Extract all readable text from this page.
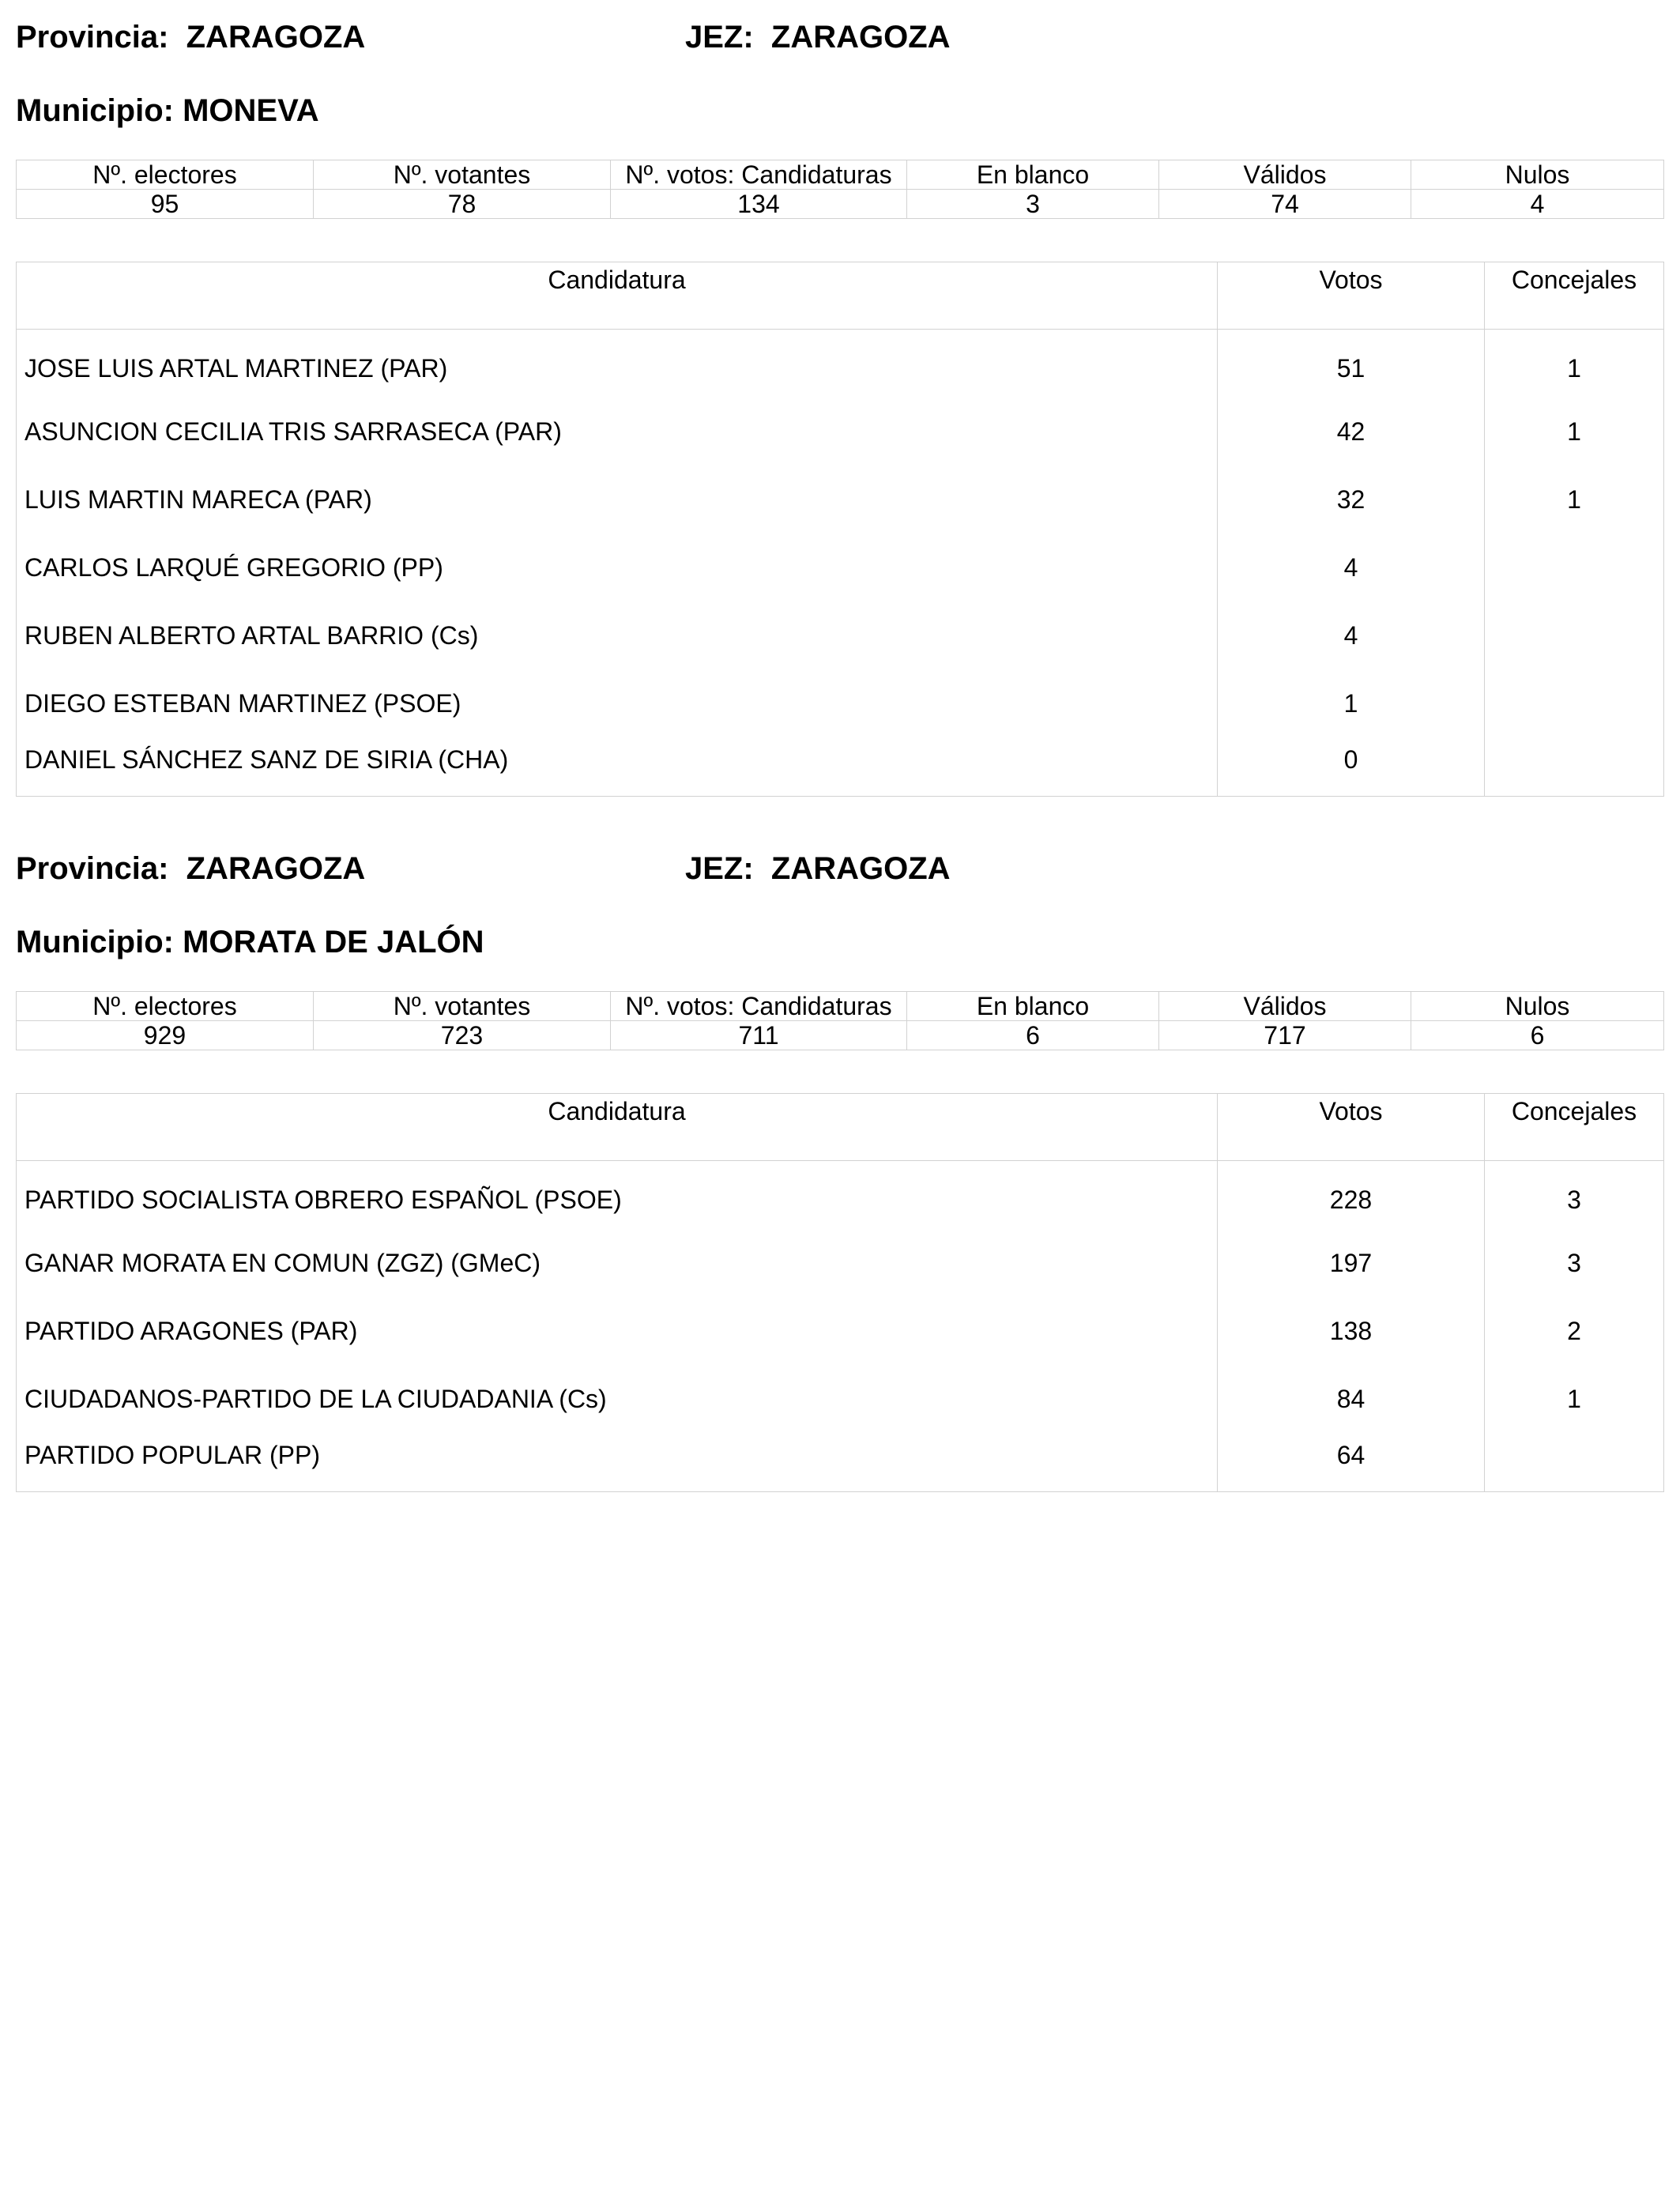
Provincia:  ZARAGOZA	JEZ:  ZARAGOZA
Municipio: MONEVA
Nº. electores	Nº. votantes	Nº. votos: Candidaturas	En blanco	Válidos	Nulos
95	78	134	3	74	4
Candidatura	Votos	Concejales
JOSE LUIS ARTAL MARTINEZ (PAR)	51	1
ASUNCION CECILIA TRIS SARRASECA (PAR)	42	1
LUIS MARTIN MARECA (PAR)	32	1
CARLOS LARQUÉ GREGORIO (PP)	4	
RUBEN ALBERTO ARTAL BARRIO (Cs)	4	
DIEGO ESTEBAN MARTINEZ (PSOE)	1	
DANIEL SÁNCHEZ SANZ DE SIRIA (CHA)	0	
Provincia:  ZARAGOZA	JEZ:  ZARAGOZA
Municipio: MORATA DE JALÓN
Nº. electores	Nº. votantes	Nº. votos: Candidaturas	En blanco	Válidos	Nulos
929	723	711	6	717	6
Candidatura	Votos	Concejales
PARTIDO SOCIALISTA OBRERO ESPAÑOL (PSOE)	228	3
GANAR MORATA EN COMUN (ZGZ) (GMeC)	197	3
PARTIDO ARAGONES (PAR)	138	2
CIUDADANOS-PARTIDO DE LA CIUDADANIA (Cs)	84	1
PARTIDO POPULAR (PP)	64	
